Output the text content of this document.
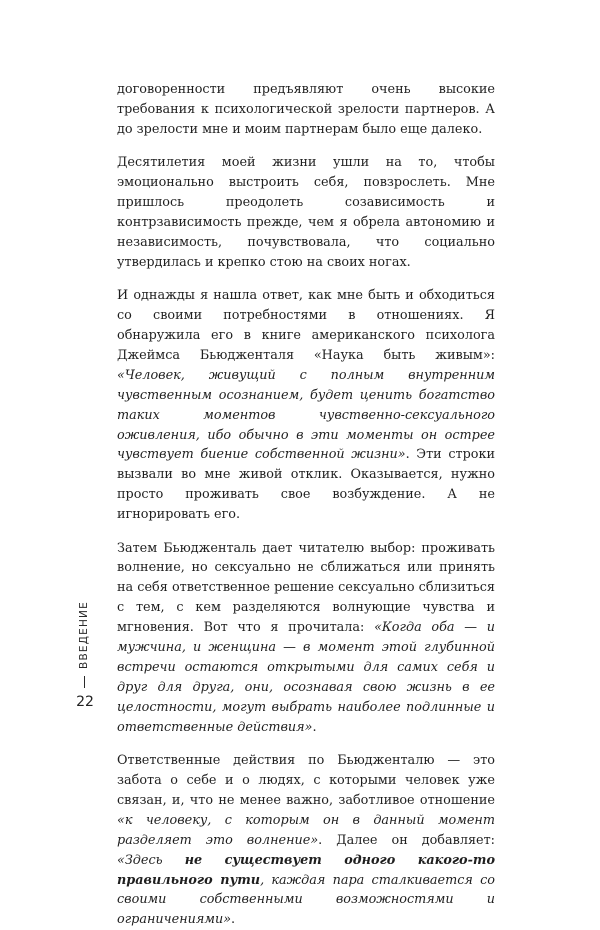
договоренности предъявляют очень высокие требования к психологической зрелости партнеров. А до зрелости мне и моим партнерам было еще далеко.

Десятилетия моей жизни ушли на то, чтобы эмоционально выстроить себя, повзрослеть. Мне пришлось преодолеть созависимость и контрзависимость прежде, чем я обрела автономию и независимость, почувствовала, что социально утвердилась и крепко стою на своих ногах.

И однажды я нашла ответ, как мне быть и обходиться со своими потребностями в отношениях. Я обнаружила его в книге американского психолога Джеймса Бьюдженталя «Наука быть живым»: «Человек, живущий с полным внутренним чувственным осознанием, будет ценить богатство таких моментов чувственно-сексуального оживления, ибо обычно в эти моменты он острее чувствует биение собственной жизни». Эти строки вызвали во мне живой отклик. Оказывается, нужно просто проживать свое возбуждение. А не игнорировать его.

Затем Бьюдженталь дает читателю выбор: проживать волнение, но сексуально не сближаться или принять на себя ответственное решение сексуально сблизиться с тем, с кем разделяются волнующие чувства и мгновения. Вот что я прочитала: «Когда оба — и мужчина, и женщина — в момент этой глубинной встречи остаются открытыми для самих себя и друг для друга, они, осознавая свою жизнь в ее целостности, могут выбрать наиболее подлинные и ответственные действия».

Ответственные действия по Бьюдженталю — это забота о себе и о людях, с которыми человек уже связан, и, что не менее важно, заботливое отношение «к человеку, с которым он в данный момент разделяет это волнение». Далее он добавляет: «Здесь не существует одного какого-то правильного пути, каждая пара сталкивается со своими собственными возможностями и ограничениями».

ВВЕДЕНИЕ
22
